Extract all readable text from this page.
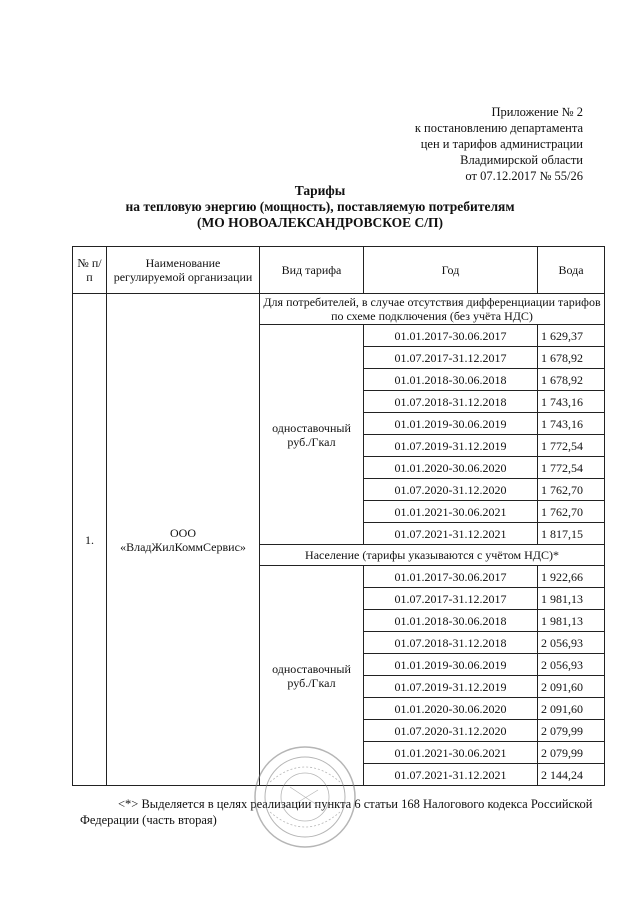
Приложение № 2
к постановлению департамента
цен и тарифов администрации
Владимирской области
от 07.12.2017 № 55/26
Тарифы
на тепловую энергию (мощность), поставляемую потребителям
(МО НОВОАЛЕКСАНДРОВСКОЕ С/П)
№ п/п	Наименование регулируемой организации	Вид тарифа	Год	Вода
1.	ООО «ВладЖилКоммСервис»	Для потребителей, в случае отсутствия дифференциации тарифов по схеме подключения (без учёта НДС)		
		одноставочный руб./Гкал	01.01.2017-30.06.2017	1 629,37
			01.07.2017-31.12.2017	1 678,92
			01.01.2018-30.06.2018	1 678,92
			01.07.2018-31.12.2018	1 743,16
			01.01.2019-30.06.2019	1 743,16
			01.07.2019-31.12.2019	1 772,54
			01.01.2020-30.06.2020	1 772,54
			01.07.2020-31.12.2020	1 762,70
			01.01.2021-30.06.2021	1 762,70
			01.07.2021-31.12.2021	1 817,15
		Население (тарифы указываются с учётом НДС)*		
		одноставочный руб./Гкал	01.01.2017-30.06.2017	1 922,66
			01.07.2017-31.12.2017	1 981,13
			01.01.2018-30.06.2018	1 981,13
			01.07.2018-31.12.2018	2 056,93
			01.01.2019-30.06.2019	2 056,93
			01.07.2019-31.12.2019	2 091,60
			01.01.2020-30.06.2020	2 091,60
			01.07.2020-31.12.2020	2 079,99
			01.01.2021-30.06.2021	2 079,99
			01.07.2021-31.12.2021	2 144,24
<*> Выделяется в целях реализации пункта 6 статьи 168 Налогового кодекса Российской
Федерации (часть вторая)
